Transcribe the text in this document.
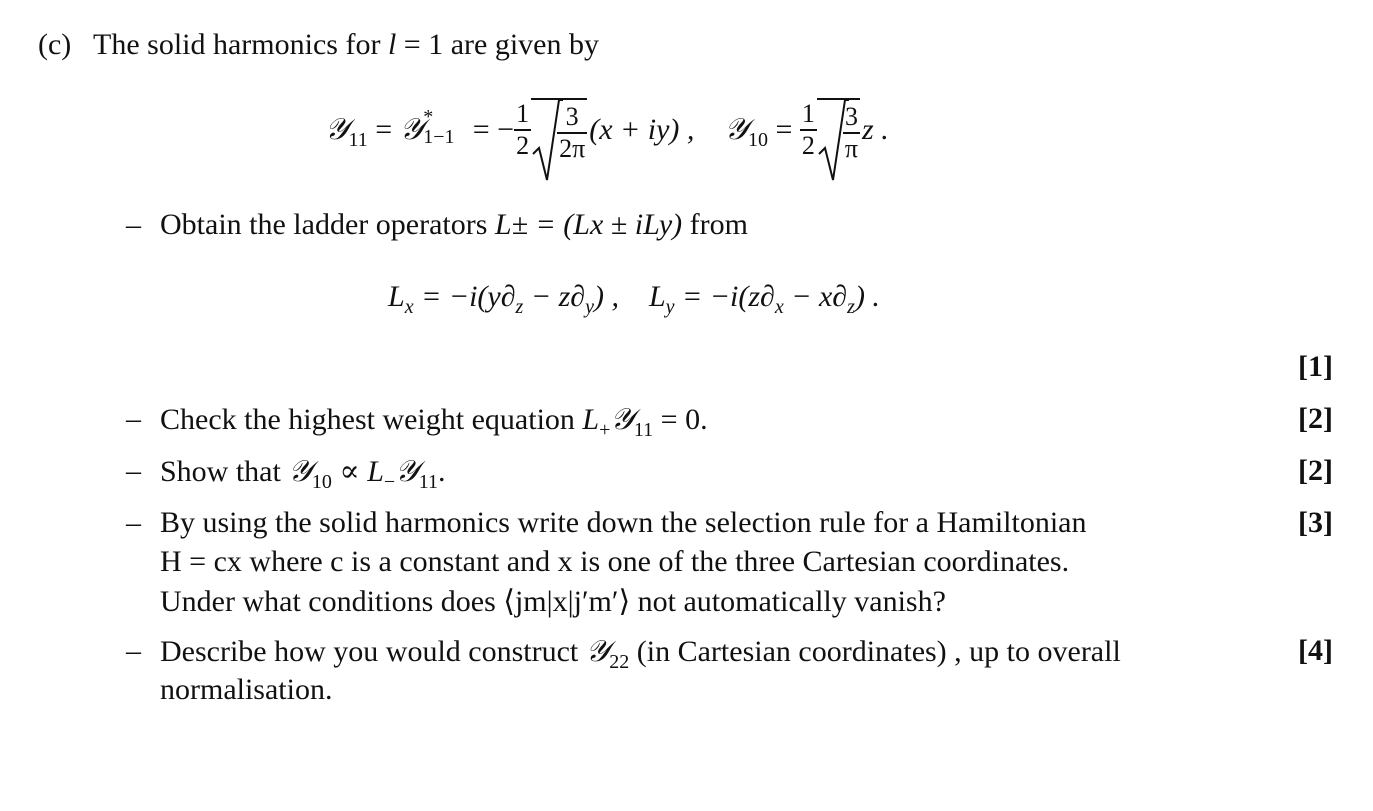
(c) The solid harmonics for l = 1 are given by
𝒴$_{11}$ = 𝒴 *
1−1 = − $\frac{1}{2} \frac{3}{2\pi} (x + iy)$ , 𝒴$_{10}$ = $\frac{1}{2} \frac{3}{\pi}$ z .
– Obtain the ladder operators L± = (Lx ± iLy) from
$L_x = -i(y\partial_z - z\partial_y)$ , $L_y = -i(z\partial_x - x\partial_z)$ .
[1]
[2]
[2]
[3]
[4]
– Check the highest weight equation $L_+𝒴_{11} = 0$.
– Show that 𝒴$_{10}$ ∝ $L_-𝒴_{11}$.
– By using the solid harmonics write down the selection rule for a Hamiltonian
H = cx where c is a constant and x is one of the three Cartesian coordinates.
Under what conditions does ⟨jm|x|j′m′⟩ not automatically vanish?
– Describe how you would construct 𝒴$_{22}$ (in Cartesian coordinates) , up to overall
normalisation.
